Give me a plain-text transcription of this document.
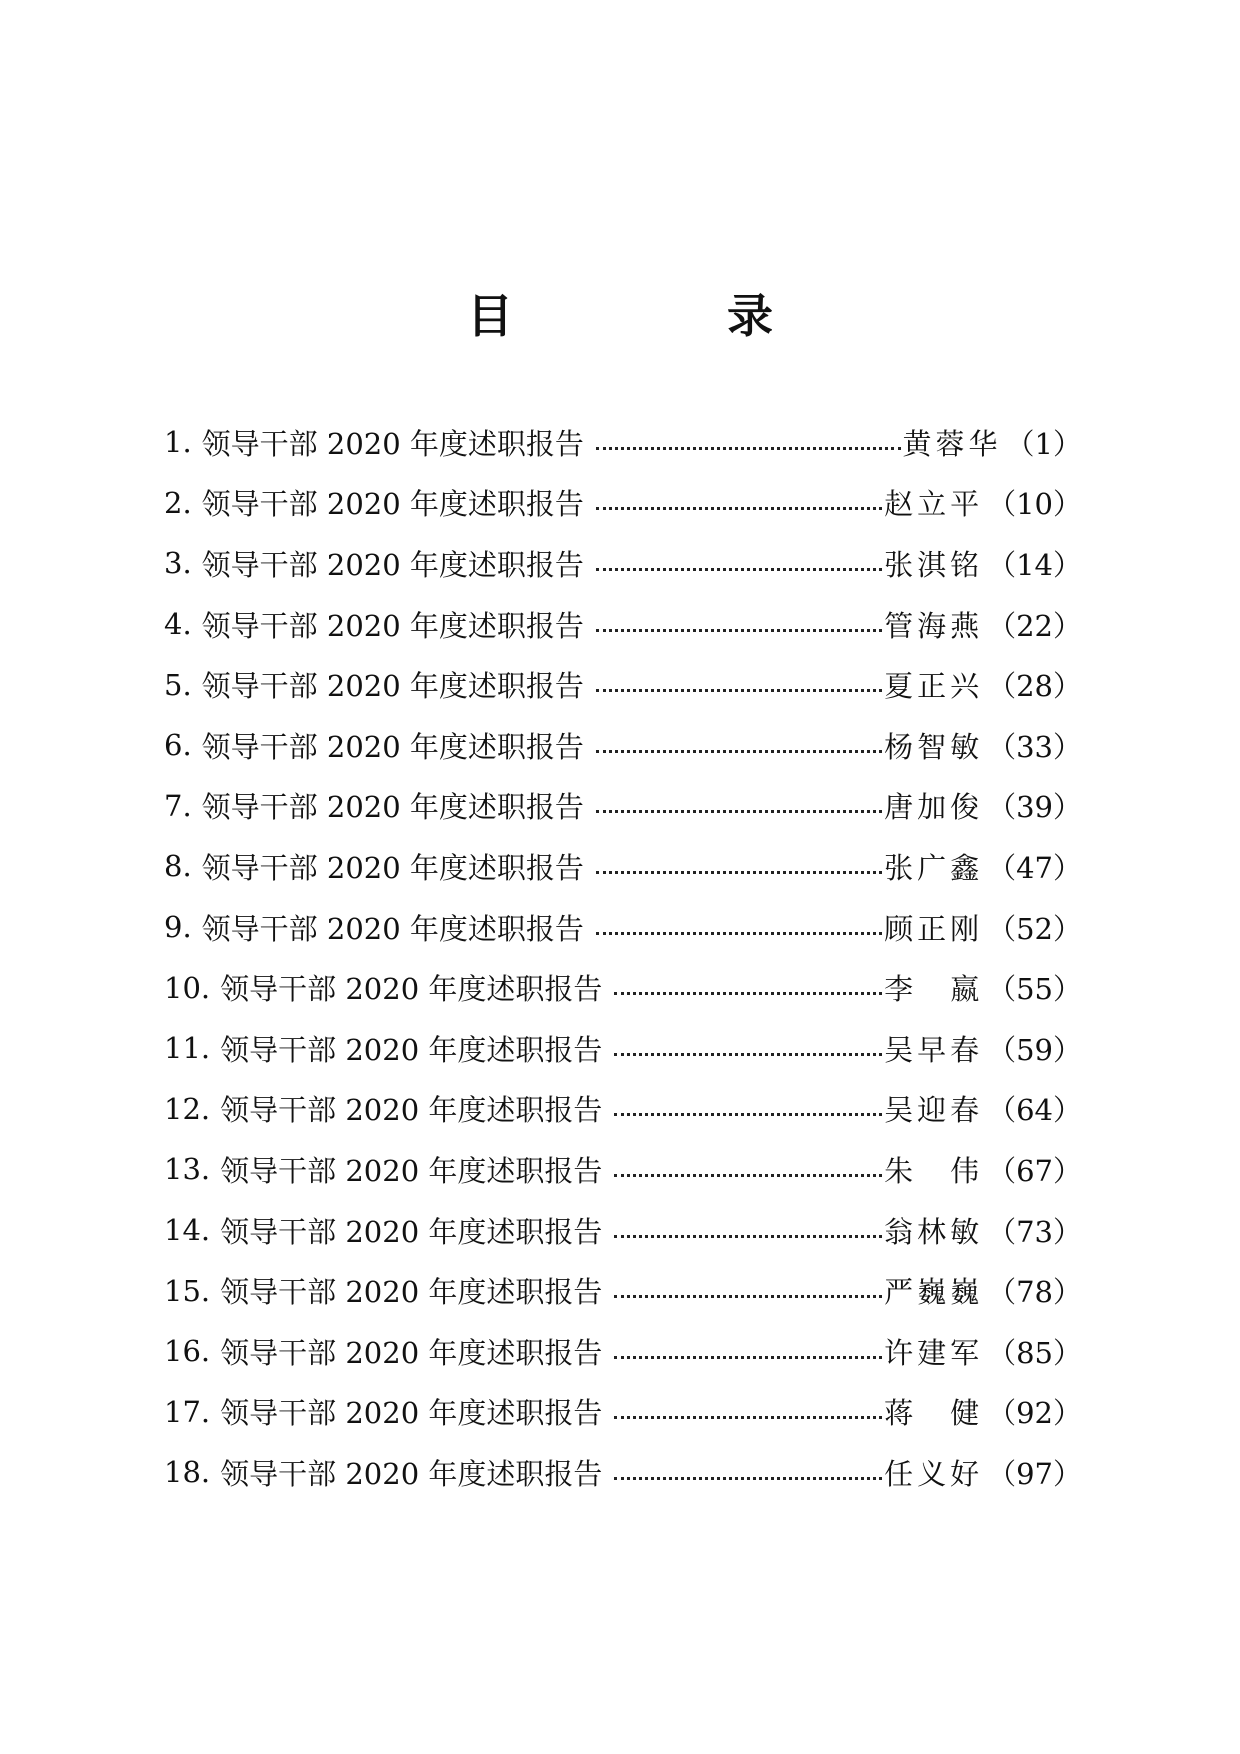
目　录
1. 领导干部 2020 年度述职报告	黄蓉华 （1）
2. 领导干部 2020 年度述职报告	赵立平 （10）
3. 领导干部 2020 年度述职报告	张淇铭 （14）
4. 领导干部 2020 年度述职报告	管海燕 （22）
5. 领导干部 2020 年度述职报告	夏正兴 （28）
6. 领导干部 2020 年度述职报告	杨智敏 （33）
7. 领导干部 2020 年度述职报告	唐加俊 （39）
8. 领导干部 2020 年度述职报告	张广鑫 （47）
9. 领导干部 2020 年度述职报告	顾正刚 （52）
10. 领导干部 2020 年度述职报告	李　嬴 （55）
11. 领导干部 2020 年度述职报告	吴早春 （59）
12. 领导干部 2020 年度述职报告	吴迎春 （64）
13. 领导干部 2020 年度述职报告	朱　伟 （67）
14. 领导干部 2020 年度述职报告	翁林敏 （73）
15. 领导干部 2020 年度述职报告	严巍巍 （78）
16. 领导干部 2020 年度述职报告	许建军 （85）
17. 领导干部 2020 年度述职报告	蒋　健 （92）
18. 领导干部 2020 年度述职报告	任义好 （97）
